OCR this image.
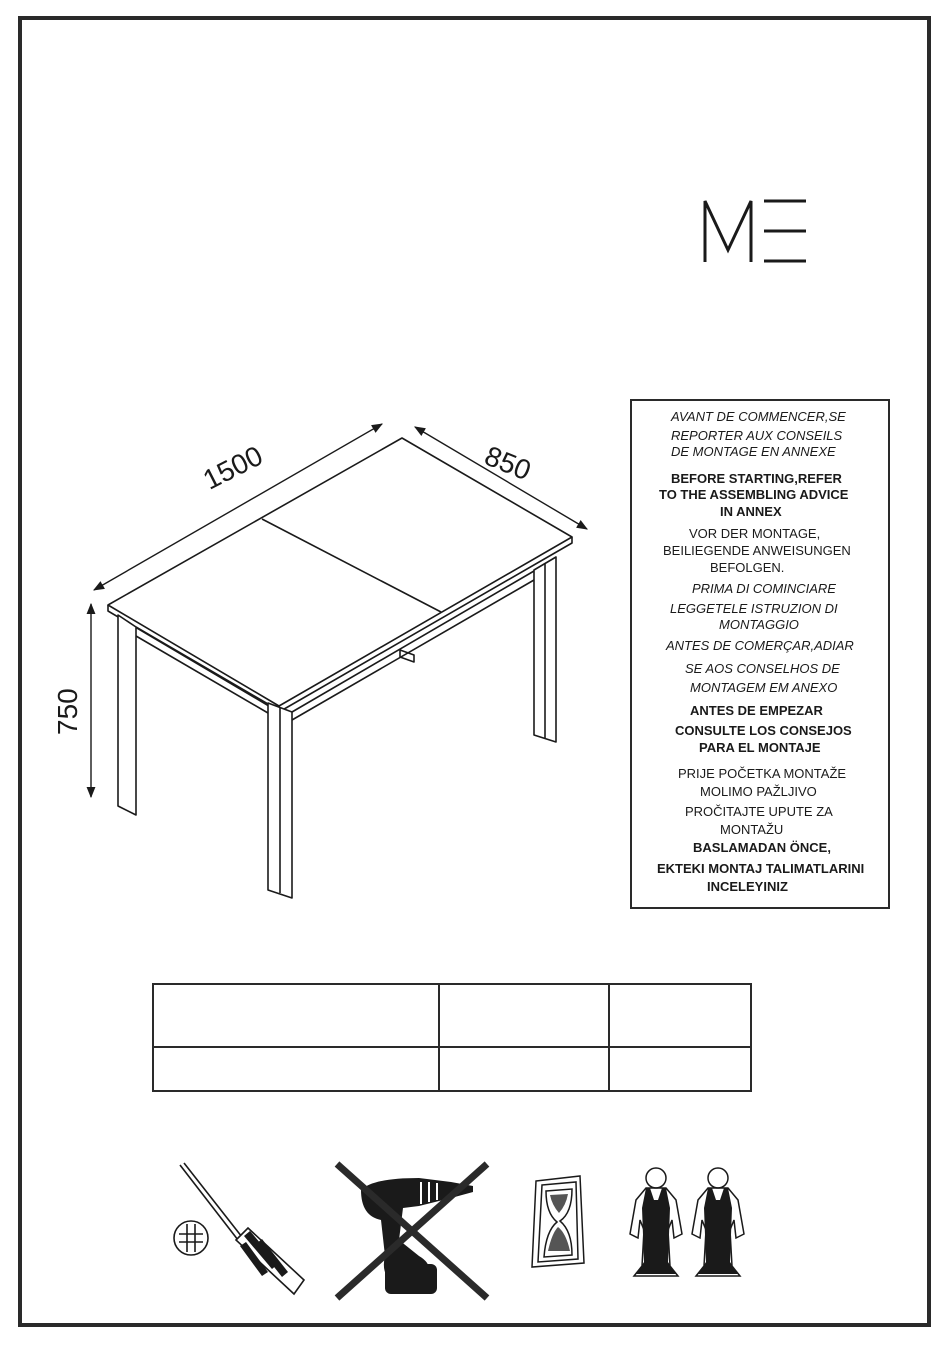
1500	850
750
AVANT DE COMMENCER,SE
REPORTER AUX CONSEILS
DE MONTAGE EN ANNEXE
BEFORE STARTING,REFER
TO THE ASSEMBLING ADVICE
IN ANNEX
VOR DER MONTAGE,
BEILIEGENDE ANWEISUNGEN
BEFOLGEN.
PRIMA DI COMINCIARE
LEGGETELE ISTRUZION DI
MONTAGGIO
ANTES DE COMERÇAR,ADIAR
SE AOS CONSELHOS DE
MONTAGEM EM ANEXO
ANTES DE EMPEZAR
CONSULTE LOS CONSEJOS
PARA EL MONTAJE
PRIJE POČETKA MONTAŽE
MOLIMO PAŽLJIVO
PROČITAJTE UPUTE ZA
MONTAŽU
BASLAMADAN ÖNCE,
EKTEKI MONTAJ TALIMATLARINI
INCELEYINIZ
